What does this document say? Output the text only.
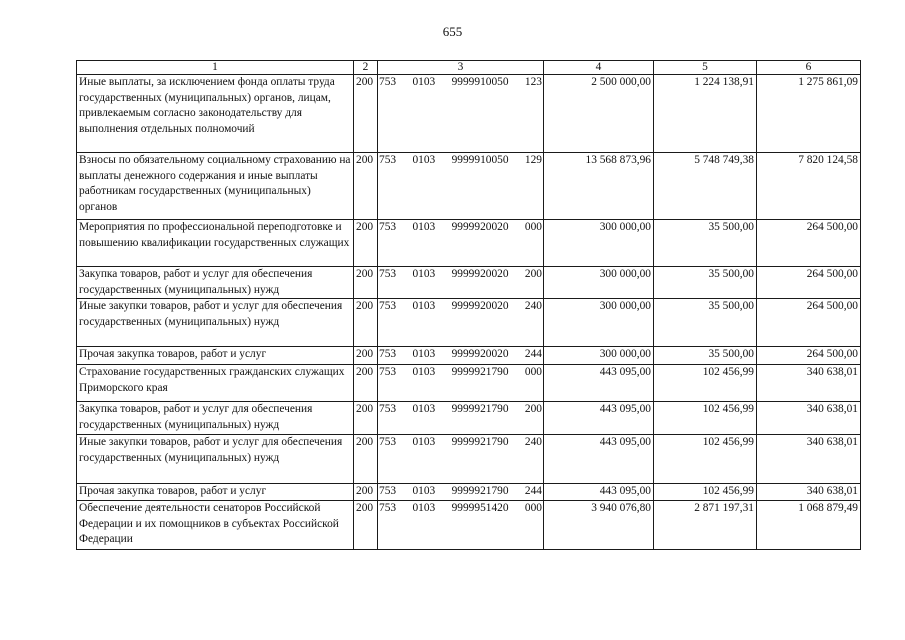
655
1	2	3	4	5	6
Иные выплаты, за исключением фонда оплаты труда государственных (муниципальных) органов, лицам, привлекаемым согласно законодательству для выполнения отдельных полномочий	200	753 0103 9999910050 123	2 500 000,00	1 224 138,91	1 275 861,09
Взносы по обязательному социальному страхованию на выплаты денежного содержания и иные выплаты работникам государственных (муниципальных) органов	200	753 0103 9999910050 129	13 568 873,96	5 748 749,38	7 820 124,58
Мероприятия по профессиональной переподготовке и повышению квалификации государственных служащих	200	753 0103 9999920020 000	300 000,00	35 500,00	264 500,00
Закупка товаров, работ и услуг для обеспечения государственных (муниципальных) нужд	200	753 0103 9999920020 200	300 000,00	35 500,00	264 500,00
Иные закупки товаров, работ и услуг для обеспечения государственных (муниципальных) нужд	200	753 0103 9999920020 240	300 000,00	35 500,00	264 500,00
Прочая закупка товаров, работ и услуг	200	753 0103 9999920020 244	300 000,00	35 500,00	264 500,00
Страхование государственных гражданских служащих Приморского края	200	753 0103 9999921790 000	443 095,00	102 456,99	340 638,01
Закупка товаров, работ и услуг для обеспечения государственных (муниципальных) нужд	200	753 0103 9999921790 200	443 095,00	102 456,99	340 638,01
Иные закупки товаров, работ и услуг для обеспечения государственных (муниципальных) нужд	200	753 0103 9999921790 240	443 095,00	102 456,99	340 638,01
Прочая закупка товаров, работ и услуг	200	753 0103 9999921790 244	443 095,00	102 456,99	340 638,01
Обеспечение деятельности сенаторов Российской Федерации и их помощников в субъектах Российской Федерации	200	753 0103 9999951420 000	3 940 076,80	2 871 197,31	1 068 879,49
